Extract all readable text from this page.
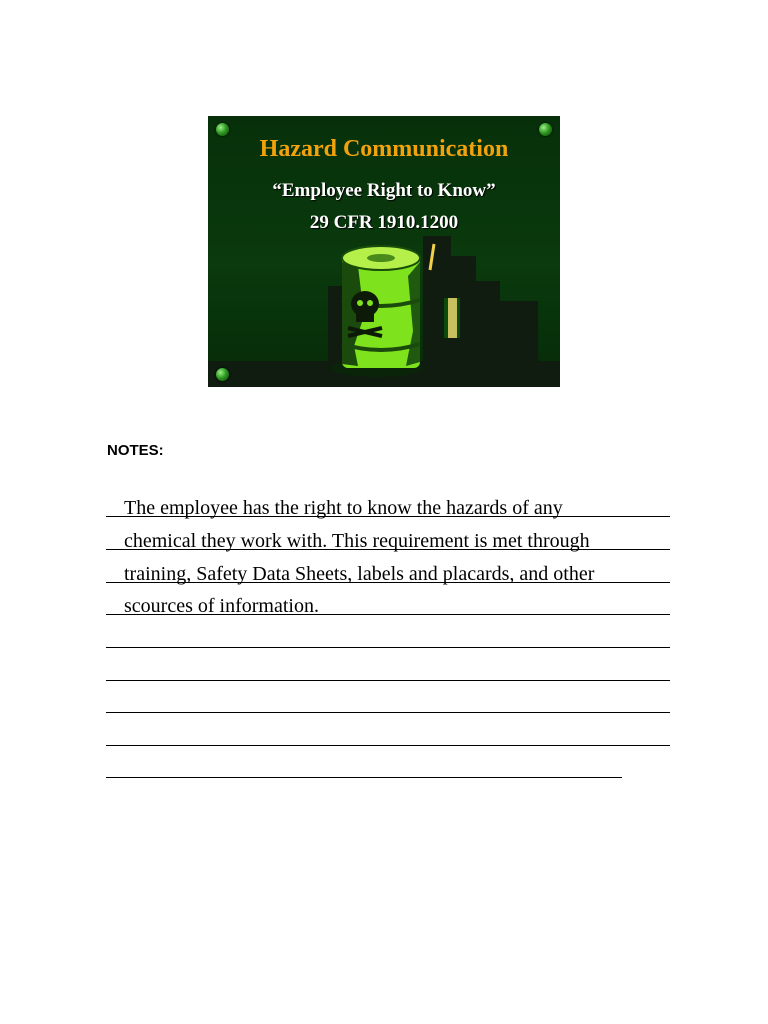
Hazard Communication
“Employee Right to Know”
29 CFR 1910.1200
NOTES:
The employee has the right to know the hazards of any
chemical they work with. This requirement is met through
training, Safety Data Sheets, labels and placards, and other
scources of information.
